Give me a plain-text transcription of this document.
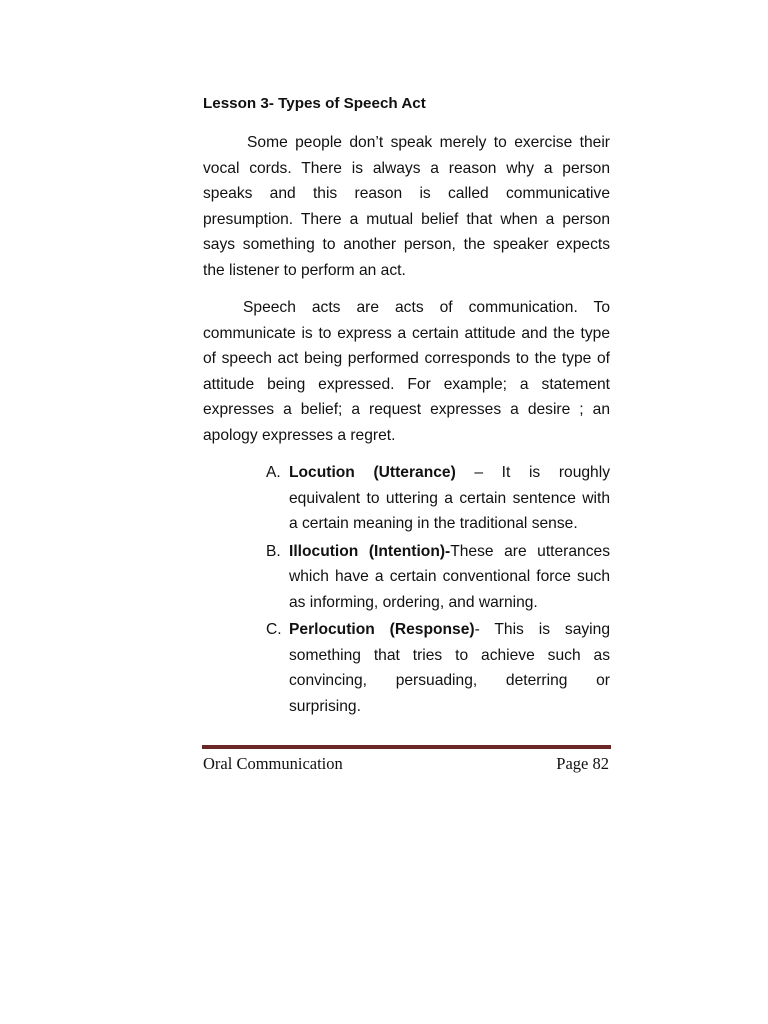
Lesson 3- Types of Speech Act

Some people don’t speak merely to exercise their vocal cords. There is always a reason why a person speaks and this reason is called communicative presumption. There a mutual belief that when a person says something to another person, the speaker expects the listener to perform an act.

Speech acts are acts of communication. To communicate is to express a certain attitude and the type of speech act being performed corresponds to the type of attitude being expressed. For example; a statement expresses a belief; a request expresses a desire ; an apology expresses a regret.

A. Locution (Utterance) – It is roughly equivalent to uttering a certain sentence with a certain meaning in the traditional sense.
B. Illocution (Intention)-These are utterances which have a certain conventional force such as informing, ordering, and warning.
C. Perlocution (Response)- This is saying something that tries to achieve such as convincing, persuading, deterring or surprising.
Oral Communication	Page 82
